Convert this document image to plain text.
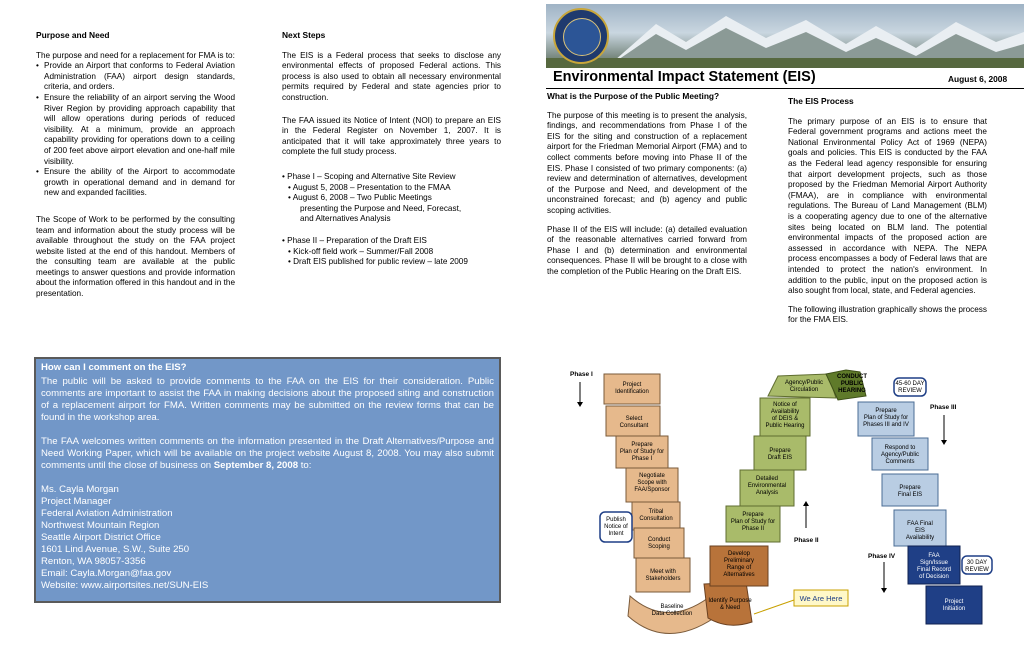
Purpose and Need

The purpose and need for a replacement for FMA is to:

• Provide an Airport that conforms to Federal Aviation Administration (FAA) airport design standards, criteria, and orders.
• Ensure the reliability of an airport serving the Wood River Region by providing approach capability that will allow operations during periods of reduced visibility. At a minimum, provide an approach capability providing for operations down to a ceiling of 200 feet above airport elevation and one-half mile visibility.
• Ensure the ability of the Airport to accommodate growth in operational demand and in demand for new and expanded facilities.

The Scope of Work to be performed by the consulting team and information about the study process will be available throughout the study on the FAA project website listed at the end of this handout. Members of the consulting team are available at the public meetings to answer questions and provide information about the information offered in this handout and in the presentation.

Next Steps

The EIS is a Federal process that seeks to disclose any environmental effects of proposed Federal actions. This process is also used to obtain all necessary environmental permits required by Federal and state agencies prior to construction.

The FAA issued its Notice of Intent (NOI) to prepare an EIS in the Federal Register on November 1, 2007. It is anticipated that it will take approximately three years to complete the full study process.

• Phase I – Scoping and Alternative Site Review
• August 5, 2008 – Presentation to the FMAA
• August 6, 2008 – Two Public Meetings
presenting the Purpose and Need, Forecast,
and Alternatives Analysis
• Phase II – Preparation of the Draft EIS
• Kick-off field work – Summer/Fall 2008
• Draft EIS published for public review – late 2009
Environmental Impact Statement (EIS)	August 6, 2008
What is the Purpose of the Public Meeting?

The purpose of this meeting is to present the analysis, findings, and recommendations from Phase I of the EIS for the siting and construction of a replacement airport for the Friedman Memorial Airport (FMA) and to collect comments before moving into Phase II of the EIS. Phase I consisted of two primary components: (a) review and determination of alternatives, development of the Purpose and Need, and development of the unconstrained forecast; and (b) agency and public scoping activities.

Phase II of the EIS will include: (a) detailed evaluation of the reasonable alternatives carried forward from Phase I and (b) determination and environmental consequences. Phase II will be brought to a close with the completion of the Public Hearing on the Draft EIS.

The EIS Process

The primary purpose of an EIS is to ensure that Federal government programs and actions meet the National Environmental Policy Act of 1969 (NEPA) goals and policies. This EIS is conducted by the FAA as the Federal lead agency responsible for ensuring that airport development projects, such as those proposed by the Friedman Memorial Airport Authority (FMAA), are in compliance with environmental regulations. The Bureau of Land Management (BLM) is a cooperating agency due to one of the alternative sites being located on BLM land. The potential environmental impacts of the proposed action are assessed in accordance with NEPA. The NEPA process encompasses a body of Federal laws that are intended to protect the nation's environment. In addition to the public, input on the proposed action is also sought from local, state, and Federal agencies.

The following illustration graphically shows the process for the FMA EIS.

How can I comment on the EIS?

The public will be asked to provide comments to the FAA on the EIS for their consideration. Public comments are important to assist the FAA in making decisions about the proposed siting and construction of a replacement airport for FMA. Written comments may be submitted on the review forms that can be found in the workshop area.

The FAA welcomes written comments on the information presented in the Draft Alternatives/Purpose and Need Working Paper, which will be available on the project website August 8, 2008. You may also submit comments until the close of business on September 8, 2008 to:

Ms. Cayla Morgan
Project Manager
Federal Aviation Administration
Northwest Mountain Region
Seattle Airport District Office
1601 Lind Avenue, S.W., Suite 250
Renton, WA 98057-3356
Email: Cayla.Morgan@faa.gov
Website: www.airportsites.net/SUN-EIS
Phase I
Phase II
Phase III
Phase IV
Project Identification
Select Consultant
Prepare Plan of Study for Phase I
Negotiate Scope with FAA/Sponsor
Tribal Consultation
Conduct Scoping
Meet with Stakeholders
Baseline Data Collection
Identify Purpose & Need
Develop Preliminary Range of Alternatives
Prepare Plan of Study for Phase II
Detailed Environmental Analysis
Prepare Draft EIS
Notice of Availability of DEIS & Public Hearing
Agency/Public Circulation
CONDUCT PUBLIC HEARING
Prepare Plan of Study for Phases III and IV
Respond to Agency/Public Comments
Prepare Final EIS
FAA Final EIS Availability
FAA Sign/Issue Final Record of Decision
Project Initiation
Publish Notice of Intent
45-60 DAY REVIEW
30 DAY REVIEW
We Are Here
